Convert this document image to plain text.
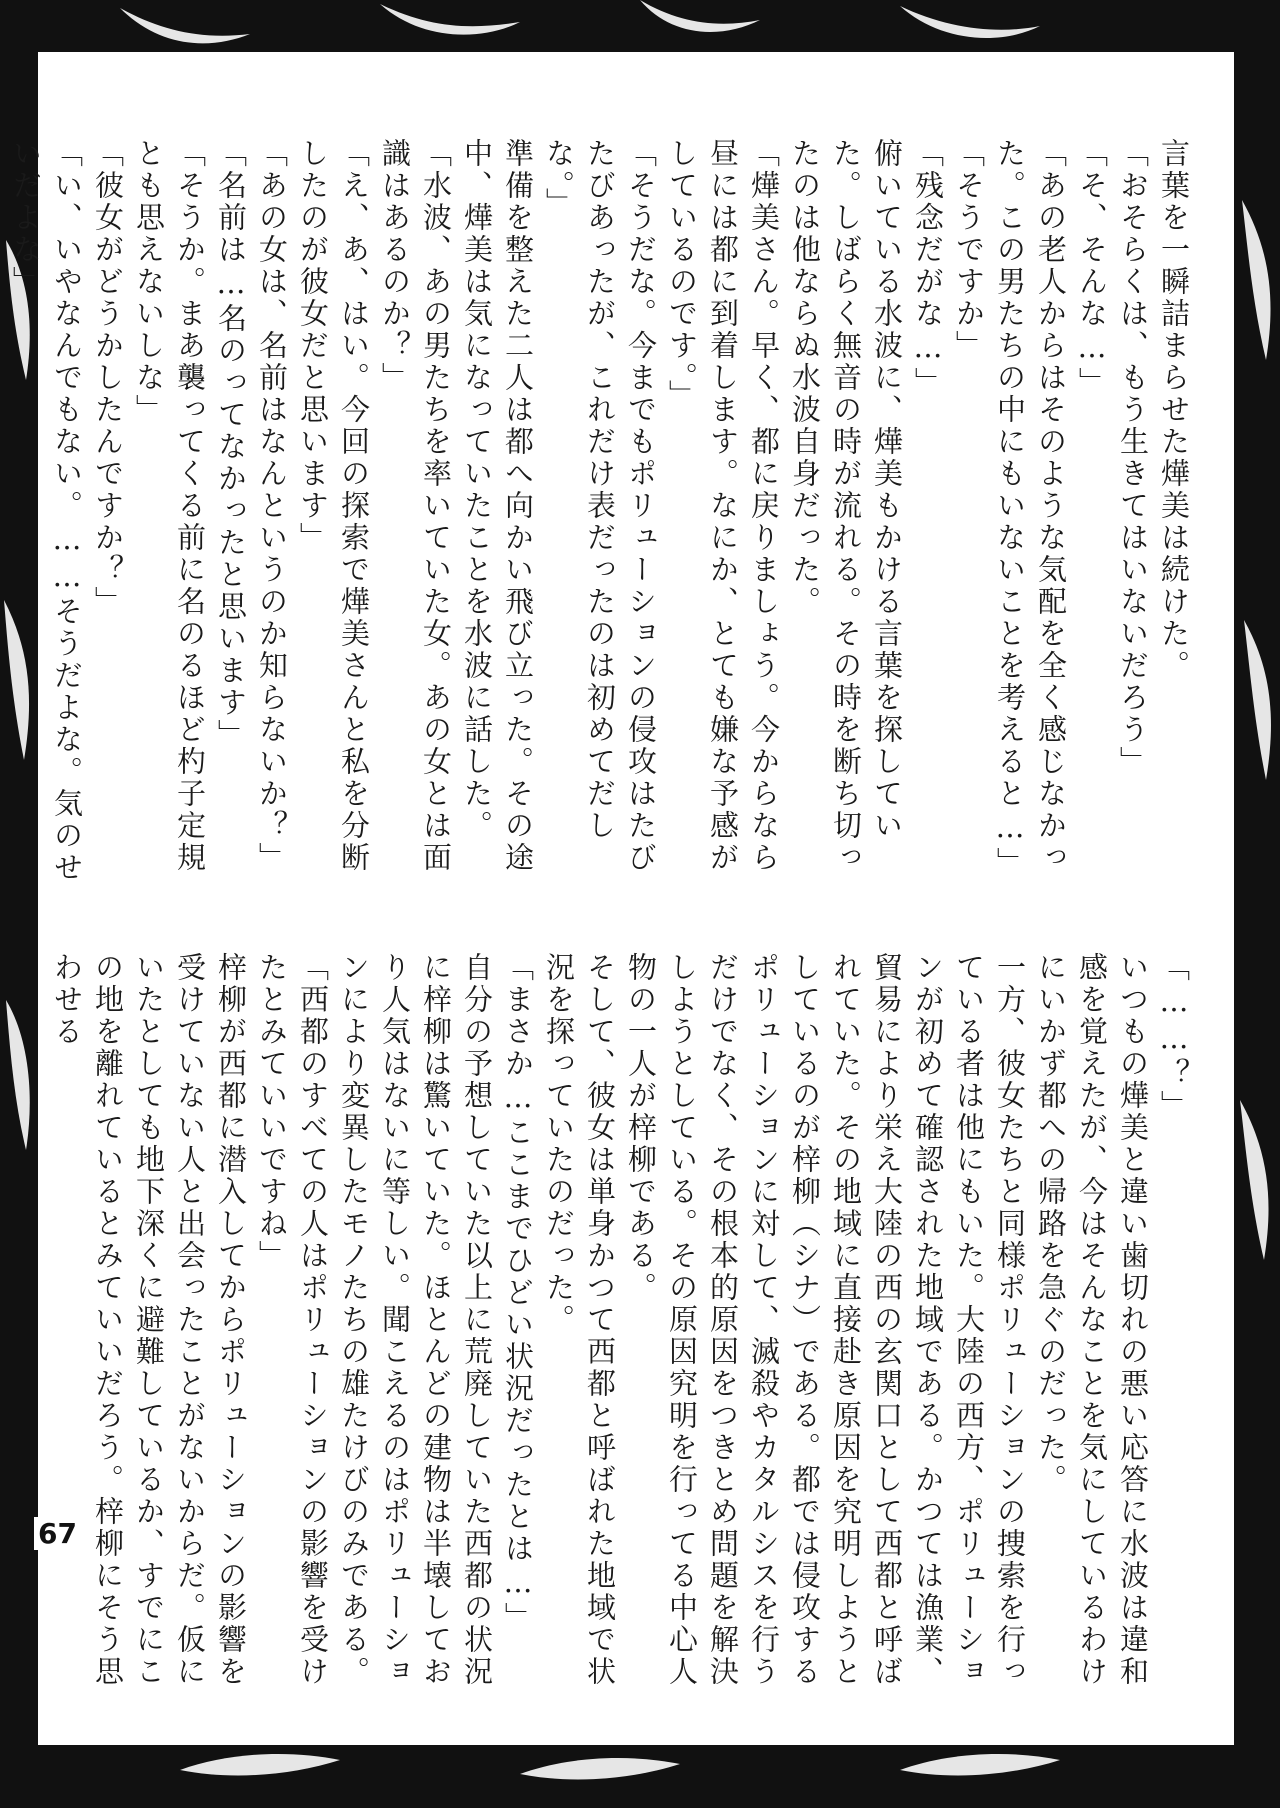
言葉を一瞬詰まらせた燁美は続けた。

「おそらくは、もう生きてはいないだろう」

「そ、そんな…」

「あの老人からはそのような気配を全く感じなかった。この男たちの中にもいないことを考えると…」

「そうですか」

「残念だがな…」

俯いている水波に、燁美もかける言葉を探していた。しばらく無音の時が流れる。その時を断ち切ったのは他ならぬ水波自身だった。

「燁美さん。早く、都に戻りましょう。今からなら昼には都に到着します。なにか、とても嫌な予感がしているのです。」

「そうだな。今までもポリューションの侵攻はたびたびあったが、これだけ表だったのは初めてだしな。」

準備を整えた二人は都へ向かい飛び立った。その途中、燁美は気になっていたことを水波に話した。

「水波、あの男たちを率いていた女。あの女とは面識はあるのか？」

「え、あ、はい。今回の探索で燁美さんと私を分断したのが彼女だと思います」

「あの女は、名前はなんというのか知らないか？」

「名前は…名のってなかったと思います」

「そうか。まあ襲ってくる前に名のるほど杓子定規とも思えないしな」

「彼女がどうかしたんですか？」

「い、いやなんでもない。……そうだよな。気のせいだよな」

「……？」

いつもの燁美と違い歯切れの悪い応答に水波は違和感を覚えたが、今はそんなことを気にしているわけにいかず都への帰路を急ぐのだった。

一方、彼女たちと同様ポリューションの捜索を行っている者は他にもいた。大陸の西方、ポリューションが初めて確認された地域である。かつては漁業、貿易により栄え大陸の西の玄関口として西都と呼ばれていた。その地域に直接赴き原因を究明しようとしているのが梓柳（シナ）である。都では侵攻するポリューションに対して、滅殺やカタルシスを行うだけでなく、その根本的原因をつきとめ問題を解決しようとしている。その原因究明を行ってる中心人物の一人が梓柳である。

そして、彼女は単身かつて西都と呼ばれた地域で状況を探っていたのだった。

「まさか…ここまでひどい状況だったとは…」

自分の予想していた以上に荒廃していた西都の状況に梓柳は驚いていた。ほとんどの建物は半壊しており人気はないに等しい。聞こえるのはポリューションにより変異したモノたちの雄たけびのみである。

「西都のすべての人はポリューションの影響を受けたとみていいですね」

梓柳が西都に潜入してからポリューションの影響を受けていない人と出会ったことがないからだ。仮にいたとしても地下深くに避難しているか、すでにこの地を離れているとみていいだろう。梓柳にそう思わせる

67
